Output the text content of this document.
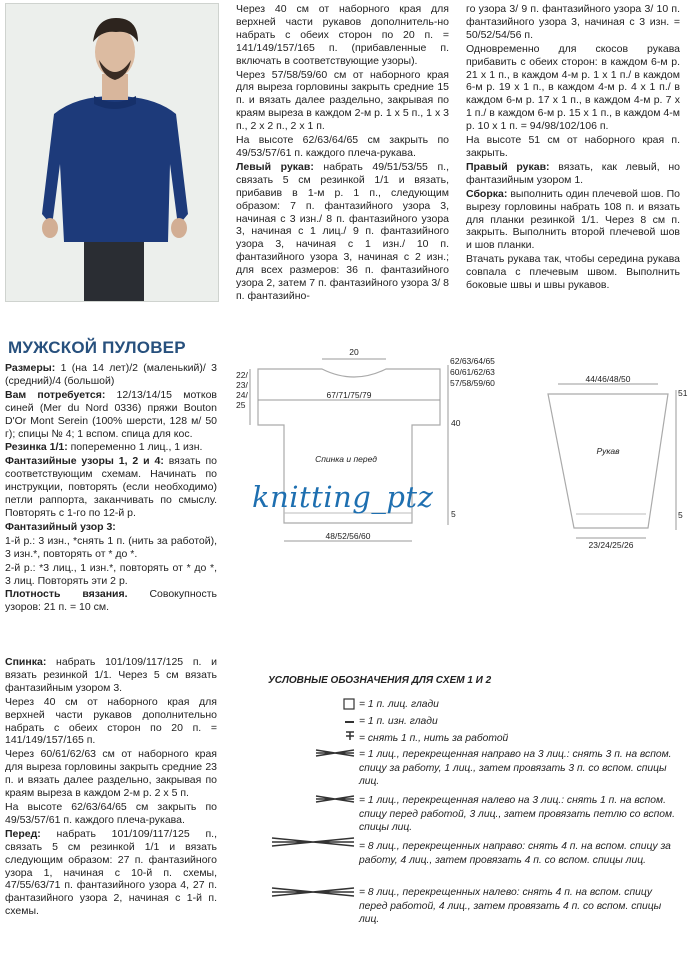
Через 40 см от наборного края для верхней части рукавов дополнитель-но набрать с обеих сторон по 20 п. = 141/149/157/165 п. (прибавленные п. включать в соответствующие узоры).

Через 57/58/59/60 см от наборного края для выреза горловины закрыть средние 15 п. и вязать далее раздельно, закрывая по краям выреза в каждом 2-м р. 1 х 5 п., 1 х 3 п., 2 х 2 п., 2 х 1 п.

На высоте 62/63/64/65 см закрыть по 49/53/57/61 п. каждого плеча-рукава.

Левый рукав: набрать 49/51/53/55 п., связать 5 см резинкой 1/1 и вязать, прибавив в 1-м р. 1 п., следующим образом: 7 п. фантазийного узора 3, начиная с 3 изн./ 8 п. фантазийного узора 3, начиная с 1 лиц./ 9 п. фантазийного узора 3, начиная с 1 изн./ 10 п. фантазийного узора 3, начиная с 2 изн.; для всех размеров: 36 п. фантазийного узора 2, затем 7 п. фантазийного узора 3/ 8 п. фантазийно-

го узора 3/ 9 п. фантазийного узора 3/ 10 п. фантазийного узора 3, начиная с 3 изн. = 50/52/54/56 п.

Одновременно для скосов рукава прибавить с обеих сторон: в каждом 6-м р. 21 х 1 п., в каждом 4-м р. 1 х 1 п./ в каждом 6-м р. 19 х 1 п., в каждом 4-м р. 4 х 1 п./ в каждом 6-м р. 17 х 1 п., в каждом 4-м р. 7 х 1 п./ в каждом 6-м р. 15 х 1 п., в каждом 4-м р. 10 х 1 п. = 94/98/102/106 п.

На высоте 51 см от наборного края п. закрыть.

Правый рукав: вязать, как левый, но фантазийным узором 1.

Сборка: выполнить один плечевой шов. По вырезу горловины набрать 108 п. и вязать для планки резинкой 1/1. Через 8 см п. закрыть. Выполнить второй плечевой шов и шов планки.

Втачать рукава так, чтобы середина рукава совпала с плечевым швом. Выполнить боковые швы и швы рукавов.

МУЖСКОЙ ПУЛОВЕР

Размеры: 1 (на 14 лет)/2 (маленький)/ 3 (средний)/4 (большой)

Вам потребуется: 12/13/14/15 мотков синей (Mer du Nord 0336) пряжи Bouton D'Or Mont Serein (100% шерсти, 128 м/ 50 г); спицы № 4; 1 вспом. спица для кос.

Резинка 1/1: попеременно 1 лиц., 1 изн.

Фантазийные узоры 1, 2 и 4: вязать по соответствующим схемам. Начинать по инструкции, повторять (если необходимо) петли раппорта, заканчивать по смыслу. Повторять с 1-го по 12-й р.

Фантазийный узор 3:

1-й р.: 3 изн., *снять 1 п. (нить за работой), 3 изн.*, повторять от * до *.

2-й р.: *3 лиц., 1 изн.*, повторять от * до *, 3 лиц. Повторять эти 2 р.

Плотность вязания. Совокупность узоров: 21 п. = 10 см.

Спинка: набрать 101/109/117/125 п. и вязать резинкой 1/1. Через 5 см вязать фантазийным узором 3.

Через 40 см от наборного края для верхней части рукавов дополнительно набрать с обеих сторон по 20 п. = 141/149/157/165 п.

Через 60/61/62/63 см от наборного края для выреза горловины закрыть средние 23 п. и вязать далее раздельно, закрывая по краям выреза в каждом 2-м р. 2 х 5 п.

На высоте 62/63/64/65 см закрыть по 49/53/57/61 п. каждого плеча-рукава.

Перед: набрать 101/109/117/125 п., связать 5 см резинкой 1/1 и вязать следующим образом: 27 п. фантазийного узора 1, начиная с 10-й п. схемы, 47/55/63/71 п. фантазийного узора 4, 27 п. фантазийного узора 2, начиная с 1-й п. схемы.

20
62/63/64/65
60/61/62/63
57/58/59/60
22/
23/
24/
25
67/71/75/79
40
Спинка и перед
5
48/52/56/60
44/46/48/50
51
Рукав
5
23/24/25/26
knitting_ptz
УСЛОВНЫЕ ОБОЗНАЧЕНИЯ ДЛЯ СХЕМ 1 И 2
= 1 п. лиц. глади
= 1 п. изн. глади
= снять 1 п., нить за работой
= 1 лиц., перекрещенная направо на 3 лиц.: снять 3 п. на вспом. спицу за работу, 1 лиц., затем провязать 3 п. со вспом. спицы лиц.
= 1 лиц., перекрещенная налево на 3 лиц.: снять 1 п. на вспом. спицу перед работой, 3 лиц., затем провязать петлю со вспом. спицы лиц.
= 8 лиц., перекрещенных направо: снять 4 п. на вспом. спицу за работу, 4 лиц., затем провязать 4 п. со вспом. спицы лиц.
= 8 лиц., перекрещенных налево: снять 4 п. на вспом. спицу перед работой, 4 лиц., затем провязать 4 п. со вспом. спицы лиц.
